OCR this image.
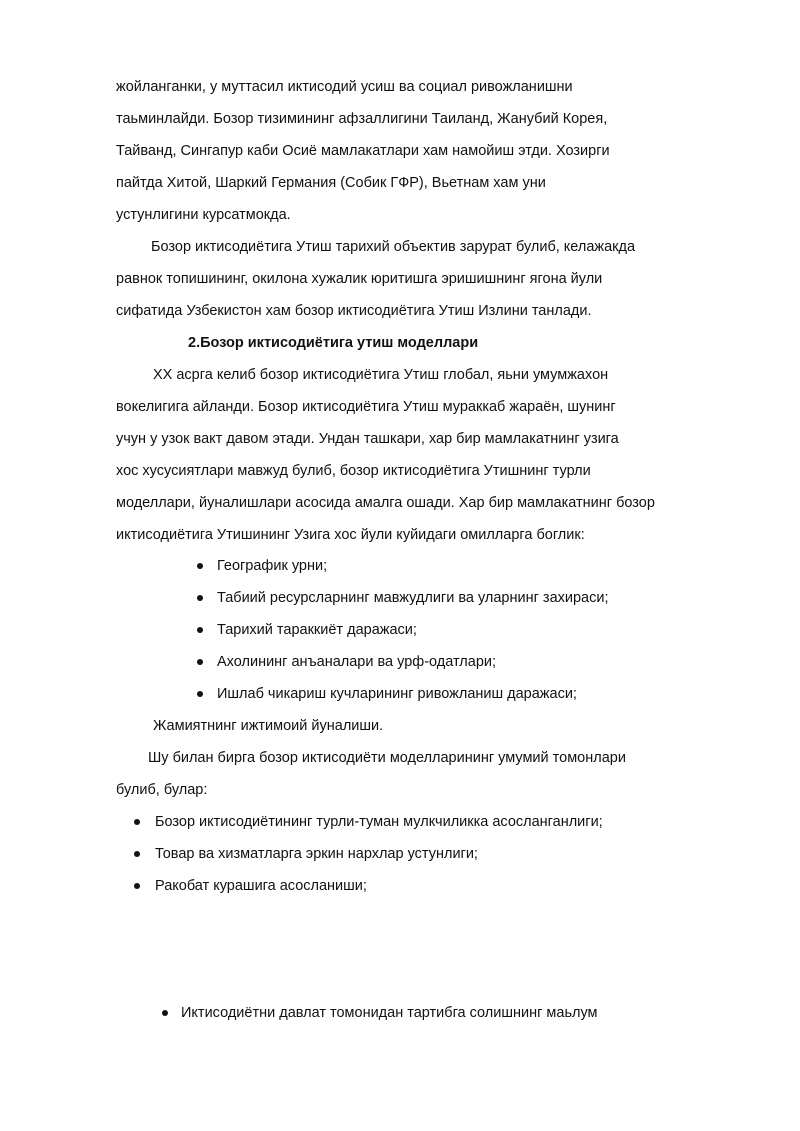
жойланганки, у муттасил иктисодий усиш ва социал ривожланишни
таьминлайди. Бозор тизимининг афзаллигини Таиланд, Жанубий Корея,
Тайванд, Сингапур каби Осиё мамлакатлари хам намойиш этди. Хозирги
пайтда Хитой, Шаркий Германия (Собик ГФР), Вьетнам хам уни
устунлигини курсатмокда.
Бозор иктисодиётига Утиш тарихий объектив зарурат булиб, келажакда
равнок топишининг, окилона хужалик юритишга эришишнинг ягона йули
сифатида Узбекистон хам бозор иктисодиётига Утиш Излини танлади.
2.Бозор иктисодиётига утиш моделлари
XX асрга келиб бозор иктисодиётига Утиш глобал, яьни умумжахон
вокелигига айланди. Бозор иктисодиётига Утиш мураккаб жараён, шунинг
учун у узок вакт давом этади. Ундан ташкари, хар бир мамлакатнинг узига
хос хусусиятлари мавжуд булиб, бозор иктисодиётига Утишнинг турли
моделлари, йуналишлари асосида амалга ошади. Хар бир мамлакатнинг бозор
иктисодиётига Утишининг Узига хос йули куйидаги омилларга боглик:
Географик урни;
Табиий ресурсларнинг мавжудлиги ва уларнинг захираси;
Тарихий тараккиёт даражаси;
Ахолининг анъаналари ва урф-одатлари;
Ишлаб чикариш кучларининг ривожланиш даражаси;
Жамиятнинг ижтимоий йуналиши.
Шу билан бирга бозор иктисодиёти моделларининг умумий томонлари
булиб, булар:
Бозор иктисодиётининг турли-туман мулкчиликка асосланганлиги;
Товар ва хизматларга эркин нархлар устунлиги;
Ракобат курашига асосланиши;
Иктисодиётни давлат томонидан тартибга солишнинг маьлум
